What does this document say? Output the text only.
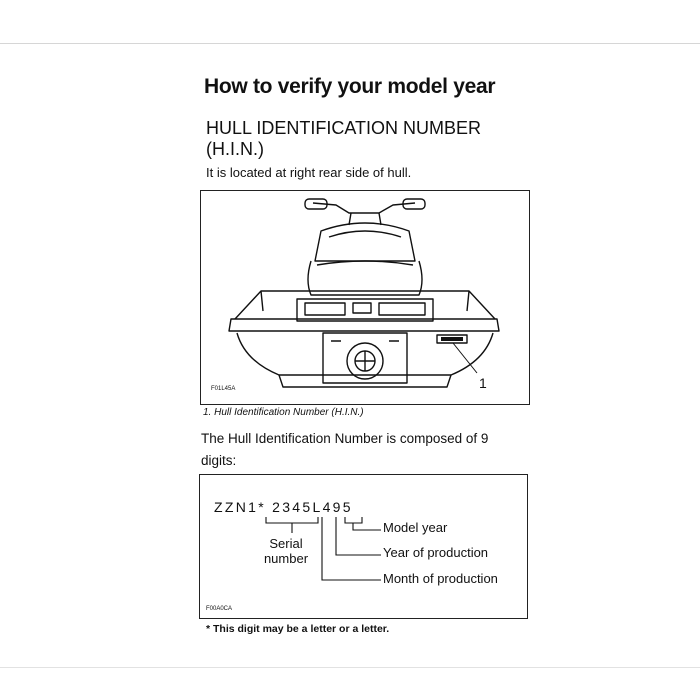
How to verify your model year
HULL IDENTIFICATION NUMBER
(H.I.N.)
It is located at right rear side of hull.
1
F01L45A
1. Hull Identification Number (H.I.N.)
The Hull Identification Number is composed of 9 digits:
ZZN1* 2345L495
Model year
Year of production
Month of production
Serial
number
F00A0CA
* This digit may be a letter or a letter.
